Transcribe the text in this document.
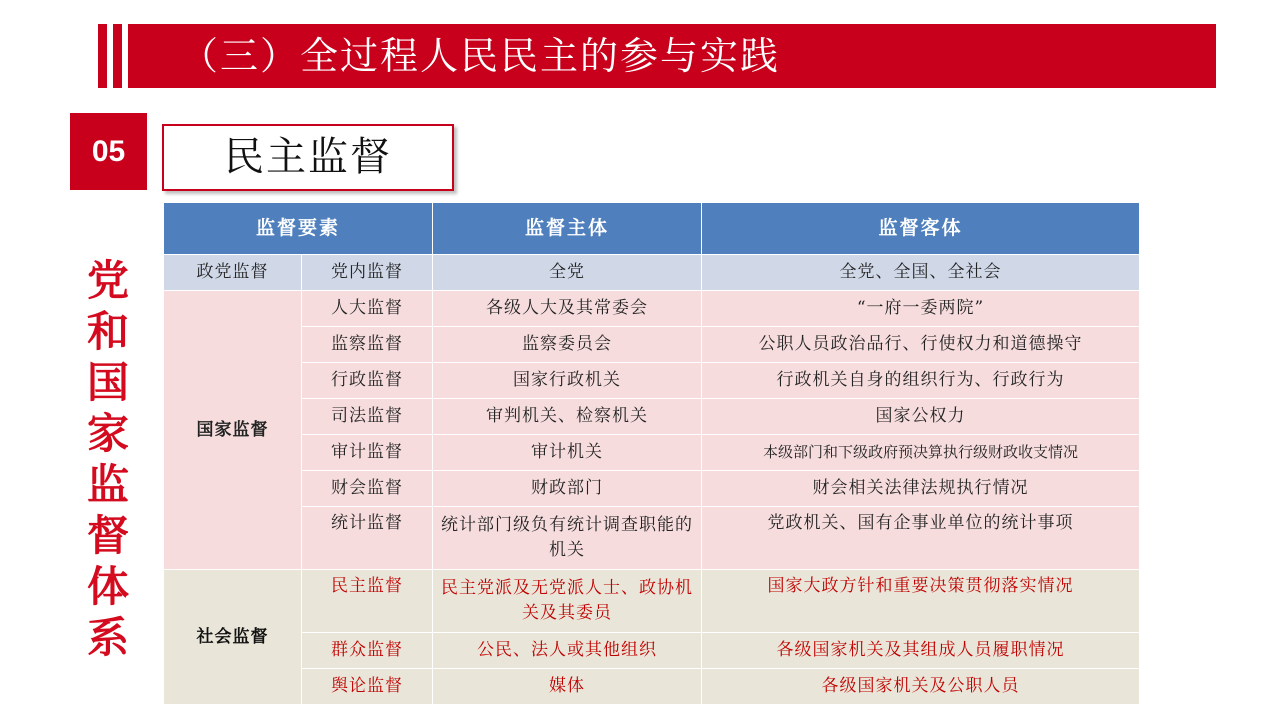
（三）全过程人民民主的参与实践
05	民主监督
党
和
国
家
监
督
体
系
监督要素		监督主体	监督客体
政党监督	党内监督	全党	全党、全国、全社会
国家监督	人大监督	各级人大及其常委会	“一府一委两院”
	监察监督	监察委员会	公职人员政治品行、行使权力和道德操守
	行政监督	国家行政机关	行政机关自身的组织行为、行政行为
	司法监督	审判机关、检察机关	国家公权力
	审计监督	审计机关	本级部门和下级政府预决算执行级财政收支情况
	财会监督	财政部门	财会相关法律法规执行情况
	统计监督	统计部门级负有统计调查职能的机关	党政机关、国有企事业单位的统计事项
社会监督	民主监督	民主党派及无党派人士、政协机关及其委员	国家大政方针和重要决策贯彻落实情况
	群众监督	公民、法人或其他组织	各级国家机关及其组成人员履职情况
	舆论监督	媒体	各级国家机关及公职人员
